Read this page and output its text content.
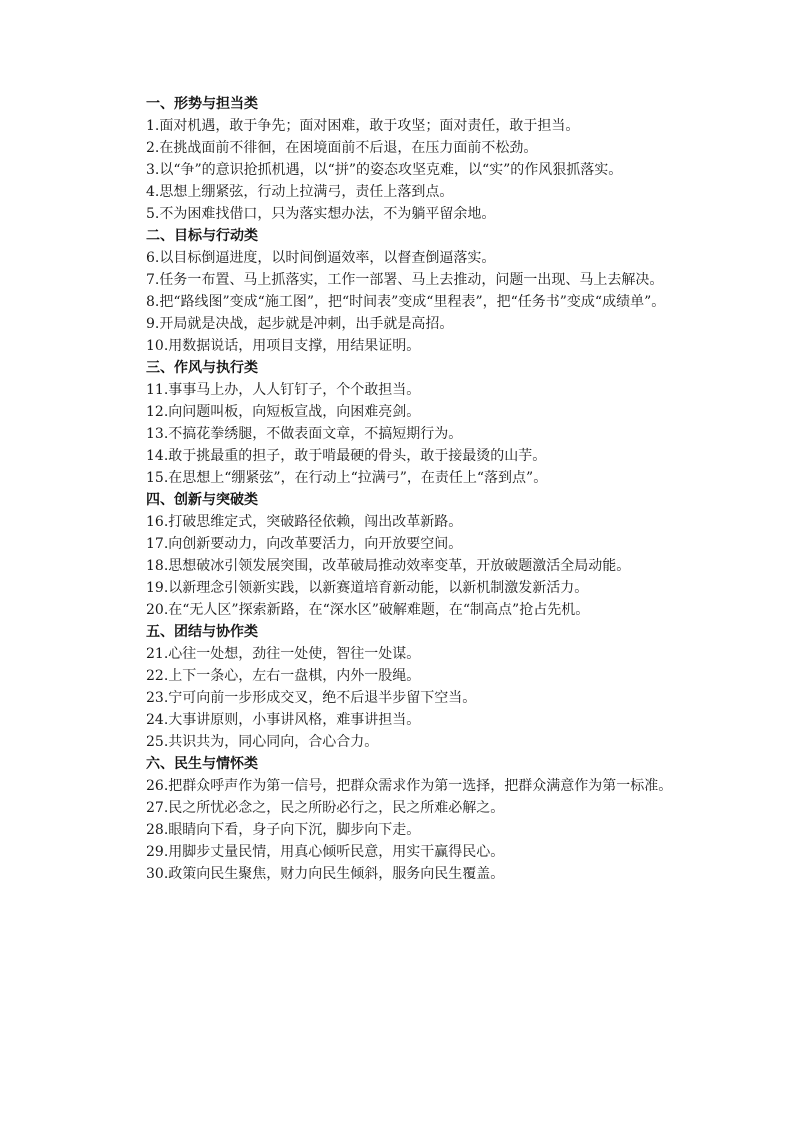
一、形势与担当类
1.面对机遇，敢于争先；面对困难，敢于攻坚；面对责任，敢于担当。
2.在挑战面前不徘徊，在困境面前不后退，在压力面前不松劲。
3.以“争”的意识抢抓机遇，以“拼”的姿态攻坚克难，以“实”的作风狠抓落实。
4.思想上绷紧弦，行动上拉满弓，责任上落到点。
5.不为困难找借口，只为落实想办法，不为躺平留余地。
二、目标与行动类
6.以目标倒逼进度，以时间倒逼效率，以督查倒逼落实。
7.任务一布置、马上抓落实，工作一部署、马上去推动，问题一出现、马上去解决。
8.把“路线图”变成“施工图”，把“时间表”变成“里程表”，把“任务书”变成“成绩单”。
9.开局就是决战，起步就是冲刺，出手就是高招。
10.用数据说话，用项目支撑，用结果证明。
三、作风与执行类
11.事事马上办，人人钉钉子，个个敢担当。
12.向问题叫板，向短板宣战，向困难亮剑。
13.不搞花拳绣腿，不做表面文章，不搞短期行为。
14.敢于挑最重的担子，敢于啃最硬的骨头，敢于接最烫的山芋。
15.在思想上“绷紧弦”，在行动上“拉满弓”，在责任上“落到点”。
四、创新与突破类
16.打破思维定式，突破路径依赖，闯出改革新路。
17.向创新要动力，向改革要活力，向开放要空间。
18.思想破冰引领发展突围，改革破局推动效率变革，开放破题激活全局动能。
19.以新理念引领新实践，以新赛道培育新动能，以新机制激发新活力。
20.在“无人区”探索新路，在“深水区”破解难题，在“制高点”抢占先机。
五、团结与协作类
21.心往一处想，劲往一处使，智往一处谋。
22.上下一条心，左右一盘棋，内外一股绳。
23.宁可向前一步形成交叉，绝不后退半步留下空当。
24.大事讲原则，小事讲风格，难事讲担当。
25.共识共为，同心同向，合心合力。
六、民生与情怀类
26.把群众呼声作为第一信号，把群众需求作为第一选择，把群众满意作为第一标准。
27.民之所忧必念之，民之所盼必行之，民之所难必解之。
28.眼睛向下看，身子向下沉，脚步向下走。
29.用脚步丈量民情，用真心倾听民意，用实干赢得民心。
30.政策向民生聚焦，财力向民生倾斜，服务向民生覆盖。
